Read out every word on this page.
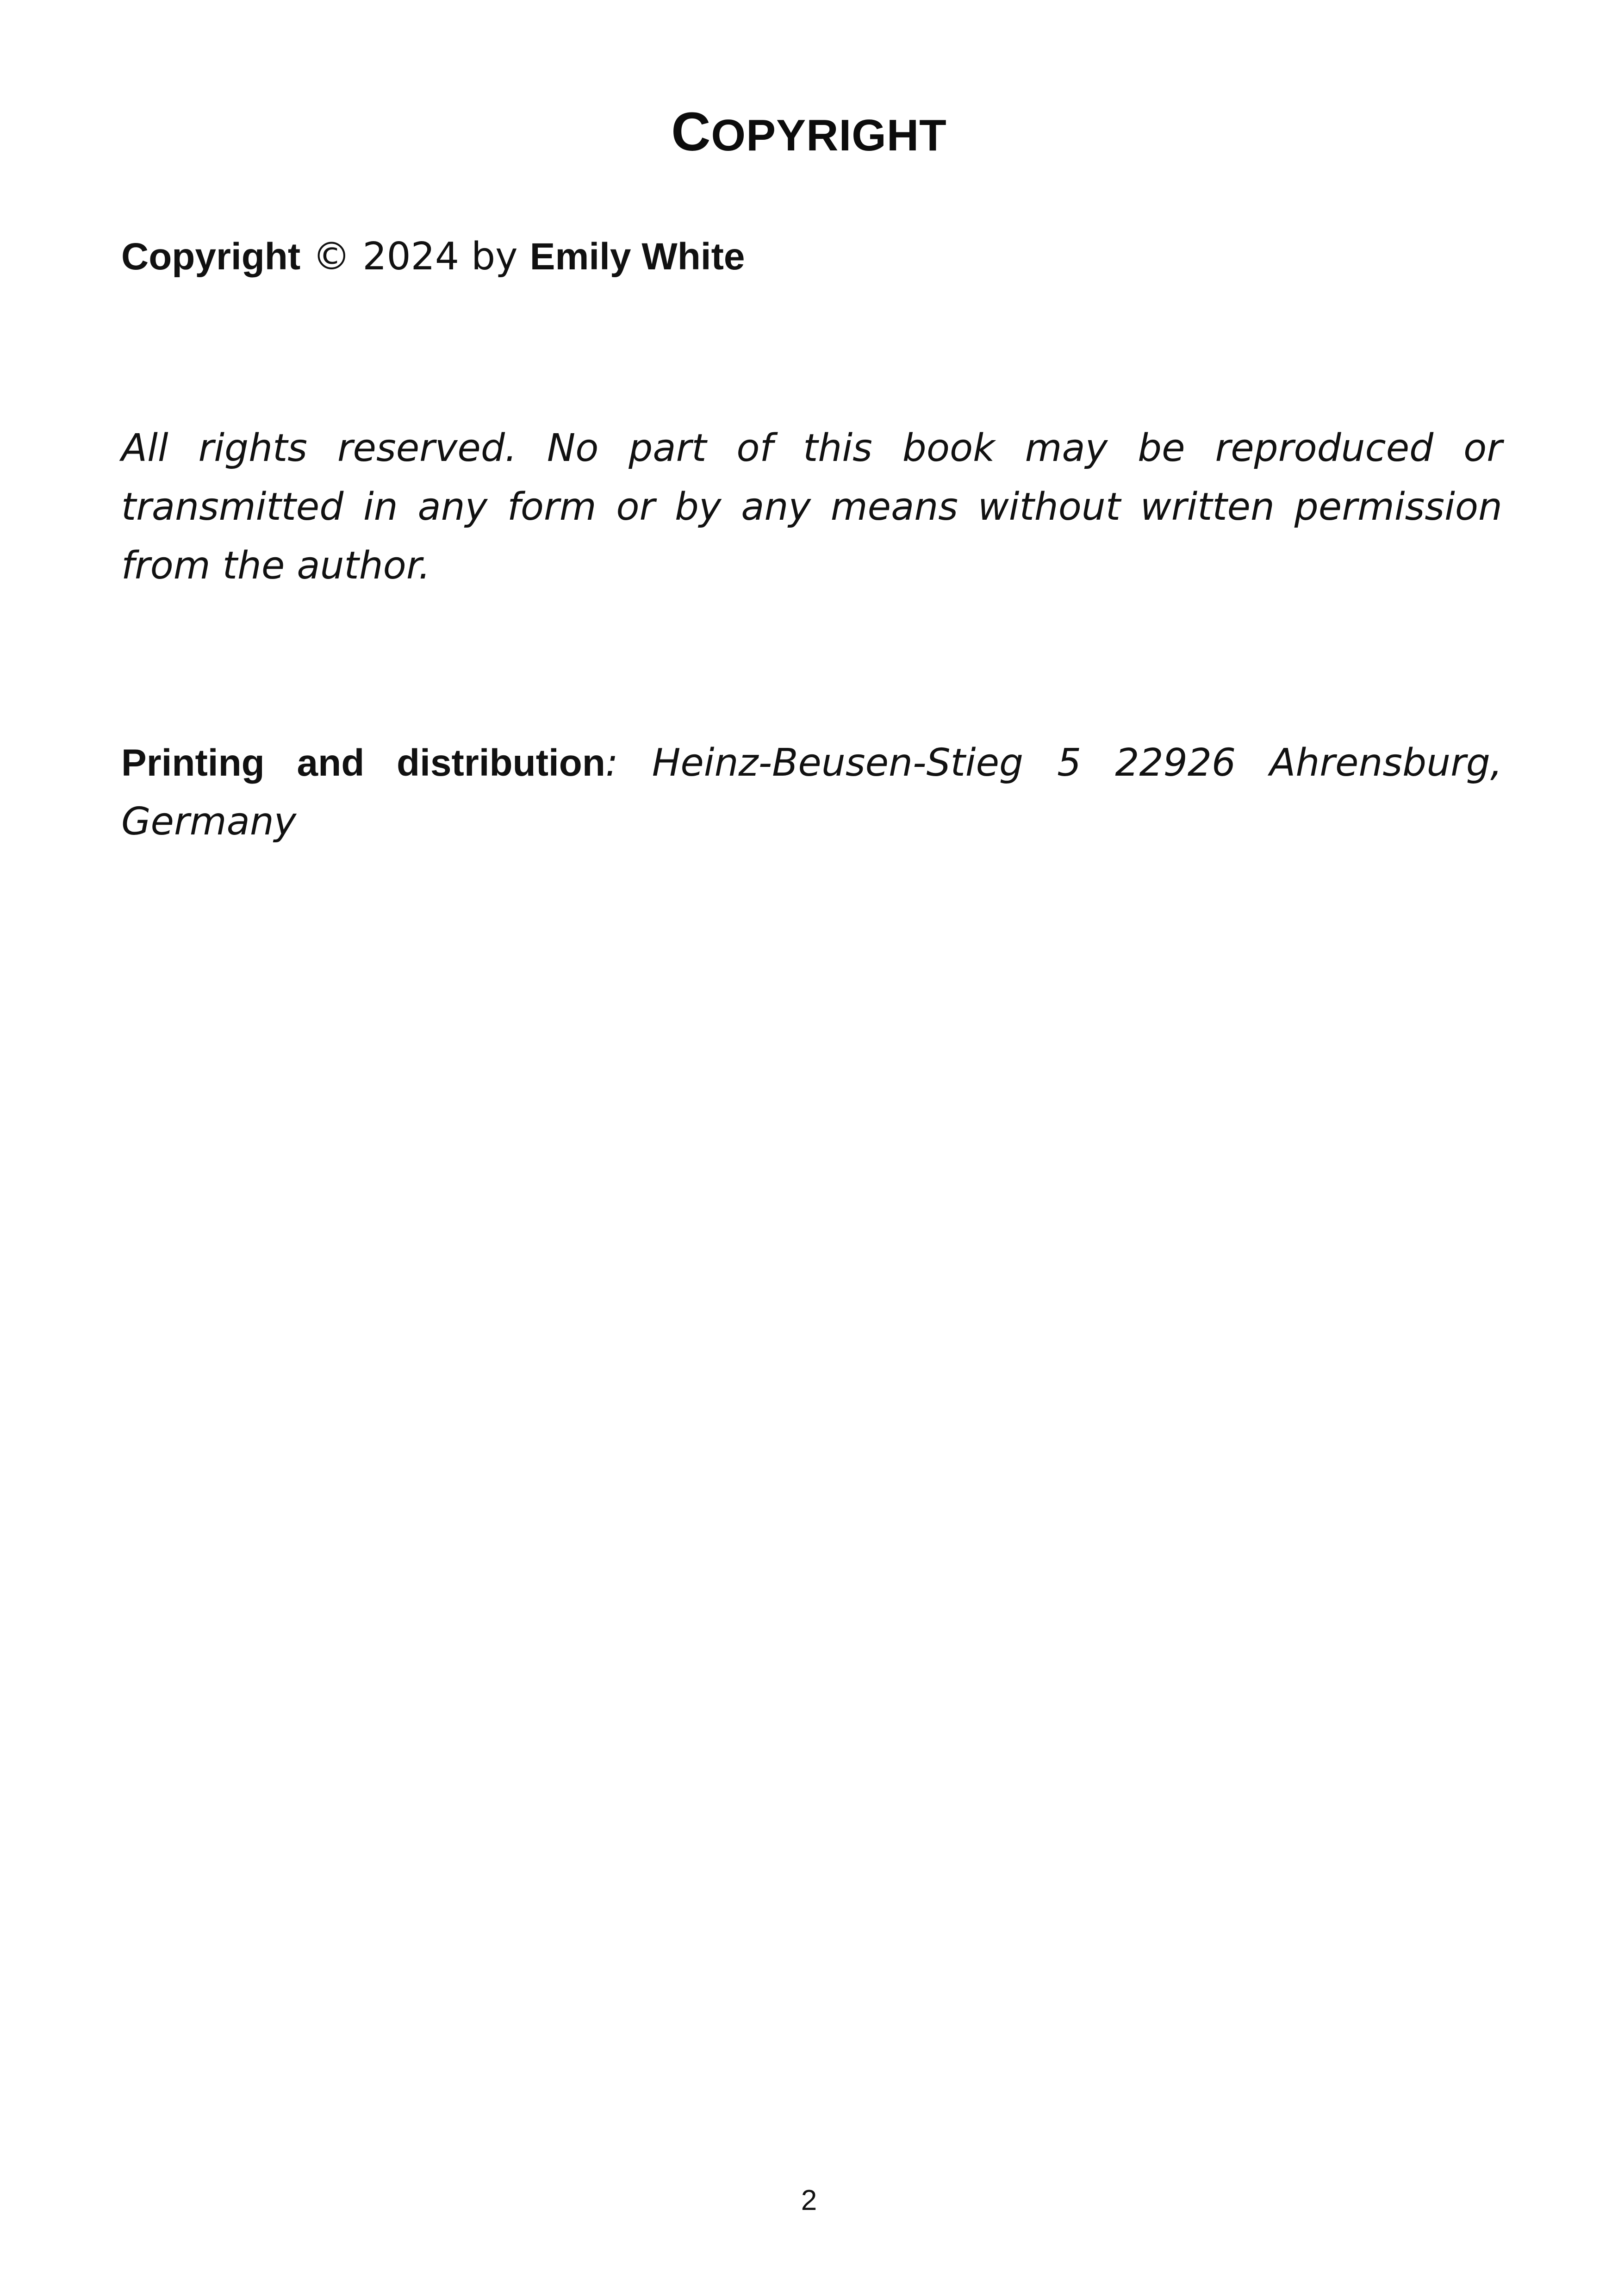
COPYRIGHT
Copyright © 2024 by Emily White

All rights reserved. No part of this book may be reproduced or transmitted in any form or by any means without written permission from the author.

Printing and distribution: Heinz-Beusen-Stieg 5 22926 Ahrensburg, Germany

2
